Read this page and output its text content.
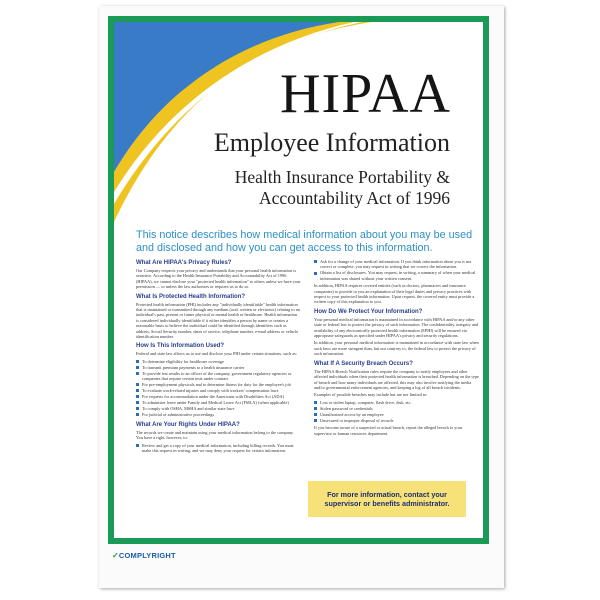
HIPAA
Employee Information
Health Insurance Portability &
Accountability Act of 1996
This notice describes how medical information about you may be used and disclosed and how you can get access to this information.
What Are HIPAA's Privacy Rules?

Our Company respects your privacy and understands that your personal health information is sensitive. According to the Health Insurance Portability and Accountability Act of 1996 (HIPAA), we cannot disclose your "protected health information" to others unless we have your permission — or unless the law authorizes or requires us to do so.

What Is Protected Health Information?

Protected health information (PHI) includes any "individually identifiable" health information that is maintained or transmitted through any medium (oral, written or electronic) relating to an individual's past, present or future physical or mental health or healthcare. Health information is considered individually identifiable if it either identifies a person by name or creates a reasonable basis to believe the individual could be identified through identifiers such as address, Social Security number, dates of service, telephone number, e-mail address or vehicle identification number.

How Is This Information Used?

Federal and state law allows us to use and disclose your PHI under certain situations, such as:

To determine eligibility for healthcare coverage
To transmit premium payments to a health insurance carrier
To provide test results to an officer of the company, government regulatory agencies or companies that require certain tests under contract
For pre-employment physicals and to determine fitness for duty for the employee's job
To evaluate work-related injuries and comply with workers' compensation laws
For requests for accommodation under the Americans with Disabilities Act (ADA)
To administer leave under Family and Medical Leave Act (FMLA) (when applicable)
To comply with OSHA, MSHA and similar state laws
For judicial or administrative proceedings
What Are Your Rights Under HIPAA?

The records we create and maintain using your medical information belong to the company. You have a right, however, to:

Review and get a copy of your medical information, including billing records. You must make this request in writing, and we may deny your request for certain information.
Ask for a change of your medical information. If you think information about you is not correct or complete, you may request in writing that we correct the information.
Obtain a list of disclosures. You may request, in writing, a summary of when your medical information was shared without your written consent.

In addition, HIPAA requires covered entities (such as doctors, pharmacies and insurance companies) to provide to you an explanation of their legal duties and privacy practices with respect to your protected health information. Upon request, the covered entity must provide a written copy of this explanation to you.

How Do We Protect Your Information?

Your personal medical information is maintained in accordance with HIPAA and/or any other state or federal law to protect the privacy of such information. The confidentiality, integrity and availability of any electronically protected health information (EPHI) will be ensured via appropriate safeguards as specified under HIPAA's privacy and security regulations.

In addition, your personal medical information is maintained in accordance with state law when such laws are more stringent than, but not contrary to, the federal law to protect the privacy of such information.

What If A Security Breach Occurs?

The HIPAA Breach Notification rules require the company to notify employees and other affected individuals when their protected health information is breached. Depending on the type of breach and how many individuals are affected, this may also involve notifying the media and/or governmental enforcement agencies, and keeping a log of all breach incidents.

Examples of possible breaches may include but are not limited to:

Lost or stolen laptop, computer, flash drive, disk, etc.
Stolen password or credentials
Unauthorized access by an employee
Unsecured or improper disposal of records

If you become aware of a suspected or actual breach, report the alleged breach to your supervisor or human resources department.

For more information, contact your supervisor or benefits administrator.
✓COMPLYRIGHT
